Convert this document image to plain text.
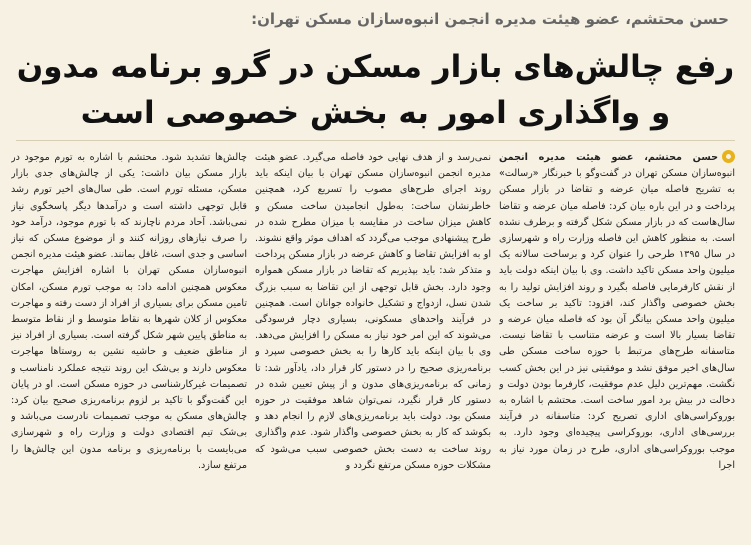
حسن محتشم، عضو هیئت مدیره انجمن انبوه‌سازان مسکن تهران:
رفع چالش‌های بازار مسکن در گرو برنامه مدون
و واگذاری امور به بخش خصوصی است

حسن محتشم، عضو هیئت مدیره انجمن انبوه‌سازان مسکن تهران در گفت‌وگو با خبرنگار «رسالت» به تشریح فاصله میان عرضه و تقاضا در بازار مسکن پرداخت و در این باره بیان کرد: فاصله میان عرضه و تقاضا سال‌هاست که در بازار مسکن شکل گرفته و برطرف نشده است. به منظور کاهش این فاصله وزارت راه و شهرسازی در سال ۱۳۹۵ طرحی را عنوان کرد و برساخت سالانه یک میلیون واحد مسکن تاکید داشت. وی با بیان اینکه دولت باید از نقش کارفرمایی فاصله بگیرد و روند افزایش تولید را به بخش خصوصی واگذار کند، افزود: تاکید بر ساخت یک میلیون واحد مسکن بیانگر آن بود که فاصله میان عرضه و تقاضا بسیار بالا است و عرضه متناسب با تقاضا نیست. متاسفانه طرح‌های مرتبط با حوزه ساخت مسکن طی سال‌های اخیر موفق نشد و موفقیتی نیز در این بخش کسب نگشت. مهم‌ترین دلیل عدم موفقیت، کارفرما بودن دولت و دخالت در بیش برد امور ساخت است. محتشم با اشاره به بوروکراسی‌های اداری تصریح کرد: متاسفانه در فرآیند بررسی‌های اداری، بوروکراسی پیچیده‌ای وجود دارد. به موجب بوروکراسی‌های اداری، طرح در زمان مورد نیاز به اجرا

نمی‌رسد و از هدف نهایی خود فاصله می‌گیرد. عضو هیئت مدیره انجمن انبوه‌سازان مسکن تهران با بیان اینکه باید روند اجرای طرح‌های مصوب را تسریع کرد، همچنین خاطرنشان ساخت: به‌طول انجامیدن ساخت مسکن و کاهش میزان ساخت در مقایسه با میزان مطرح شده در طرح پیشنهادی موجب می‌گردد که اهداف موثر واقع نشوند. او به افزایش تقاضا و کاهش عرضه در بازار مسکن پرداخت و متذکر شد: باید بپذیریم که تقاضا در بازار مسکن همواره وجود دارد. بخش قابل توجهی از این تقاضا به سبب بزرگ شدن نسل، ازدواج و تشکیل خانواده جوانان است. همچنین در فرآیند واحدهای مسکونی، بسیاری دچار فرسودگی می‌شوند که این امر خود نیاز به مسکن را افزایش می‌دهد. وی با بیان اینکه باید کارها را به بخش خصوصی سپرد و برنامه‌ریزی صحیح را در دستور کار قرار داد، یادآور شد: تا زمانی که برنامه‌ریزی‌های مدون و از پیش تعیین شده در دستور کار قرار نگیرد، نمی‌توان شاهد موفقیت در حوزه مسکن بود. دولت باید برنامه‌ریزی‌های لازم را انجام دهد و بکوشد که کار به بخش خصوصی واگذار شود. عدم واگذاری روند ساخت به دست بخش خصوصی سبب می‌شود که مشکلات حوزه مسکن مرتفع نگردد و

چالش‌ها تشدید شود. محتشم با اشاره به تورم موجود در بازار مسکن بیان داشت: یکی از چالش‌های جدی بازار مسکن، مسئله تورم است. طی سال‌های اخیر تورم رشد قابل توجهی داشته است و درآمدها دیگر پاسخگوی نیاز نمی‌باشد. آحاد مردم ناچارند که با تورم موجود، درآمد خود را صرف نیازهای روزانه کنند و از موضوع مسکن که نیاز اساسی و جدی است، غافل بمانند. عضو هیئت مدیره انجمن انبوه‌سازان مسکن تهران با اشاره افزایش مهاجرت معکوس همچنین ادامه داد: به موجب تورم مسکن، امکان تامین مسکن برای بسیاری از افراد از دست رفته و مهاجرت معکوس از کلان شهرها به نقاط متوسط و از نقاط متوسط به مناطق پایین شهر شکل گرفته است. بسیاری از افراد نیز از مناطق ضعیف و حاشیه نشین به روستاها مهاجرت معکوس دارند و بی‌شک این روند نتیجه عملکرد نامناسب و تصمیمات غیرکارشناسی در حوزه مسکن است. او در پایان این گفت‌وگو با تاکید بر لزوم برنامه‌ریزی صحیح بیان کرد: چالش‌های مسکن به موجب تصمیمات نادرست می‌باشد و بی‌شک تیم اقتصادی دولت و وزارت راه و شهرسازی می‌بایست با برنامه‌ریزی و برنامه مدون این چالش‌ها را مرتفع سازد.
